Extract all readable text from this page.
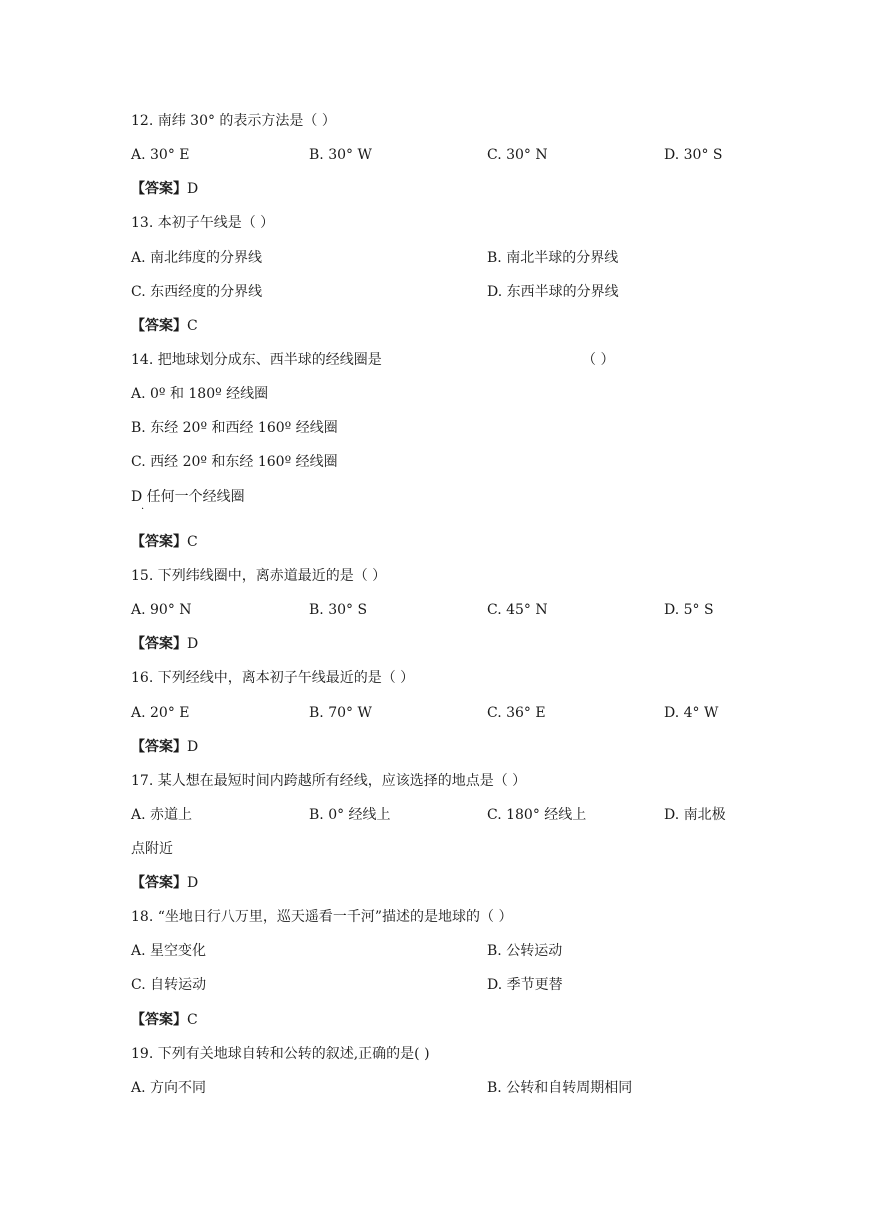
12. 南纬 30° 的表示方法是（ ）
A. 30° E	B. 30° W	C. 30° N	D. 30° S
【答案】D
13. 本初子午线是（ ）
A. 南北纬度的分界线	B. 南北半球的分界线
C. 东西经度的分界线	D. 东西半球的分界线
【答案】C
14. 把地球划分成东、西半球的经线圈是	（ ）
A. 0º 和 180º 经线圈
B. 东经 20º 和西经 160º 经线圈
C. 西经 20º 和东经 160º 经线圈
D 任何一个经线圈
·
【答案】C
15. 下列纬线圈中，离赤道最近的是（ ）
A. 90° N	B. 30° S	C. 45° N	D. 5° S
【答案】D
16. 下列经线中，离本初子午线最近的是（ ）
A. 20° E	B. 70° W	C. 36° E	D. 4° W
【答案】D
17. 某人想在最短时间内跨越所有经线，应该选择的地点是（ ）
A. 赤道上	B. 0° 经线上	C. 180° 经线上	D. 南北极
点附近
【答案】D
18. “坐地日行八万里，巡天遥看一千河”描述的是地球的（ ）
A. 星空变化	B. 公转运动
C. 自转运动	D. 季节更替
【答案】C
19. 下列有关地球自转和公转的叙述,正确的是( )
A. 方向不同	B. 公转和自转周期相同
